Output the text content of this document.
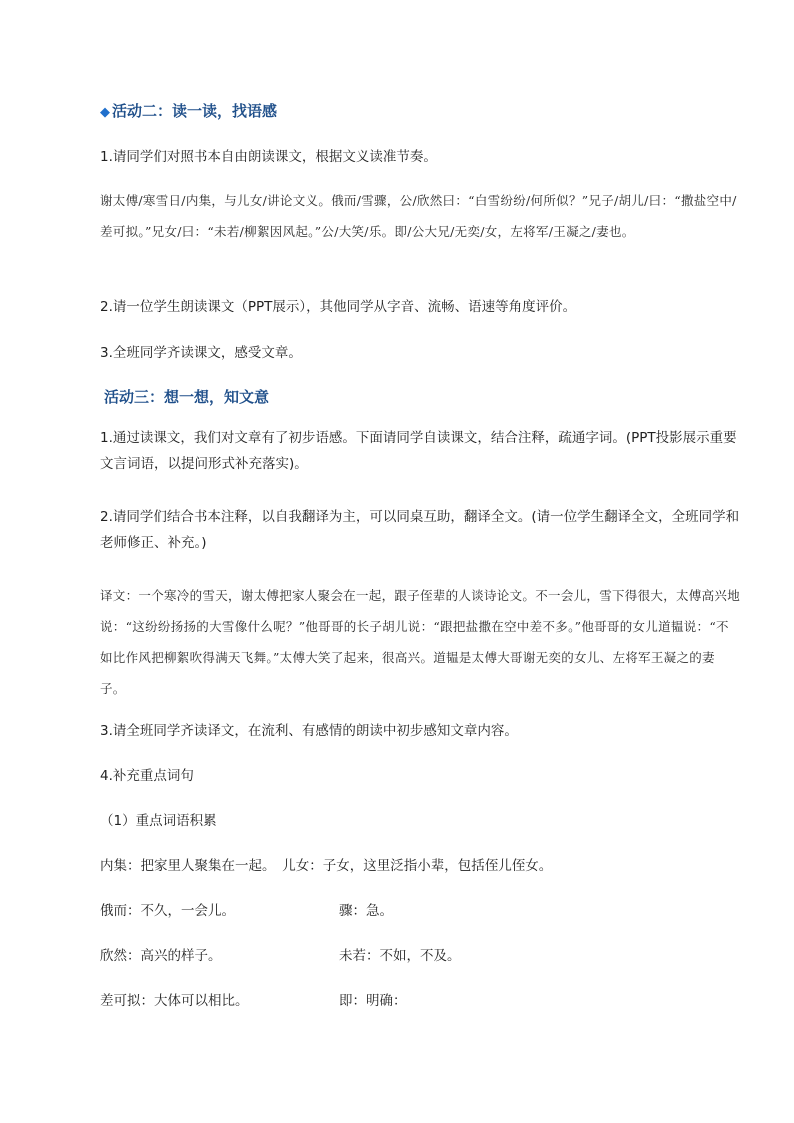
◆ 活动二：读一读，找语感

1.请同学们对照书本自由朗读课文，根据文义读准节奏。

谢太傅/寒雪日/内集，与儿女/讲论文义。俄而/雪骤，公/欣然曰：“白雪纷纷/何所似？”兄子/胡儿/曰：“撒盐空中/差可拟。”兄女/曰：“未若/柳絮因风起。”公/大笑/乐。即/公大兄/无奕/女，左将军/王凝之/妻也。

2.请一位学生朗读课文（PPT展示），其他同学从字音、流畅、语速等角度评价。

3.全班同学齐读课文，感受文章。

活动三：想一想，知文意

1.通过读课文，我们对文章有了初步语感。下面请同学自读课文，结合注释，疏通字词。(PPT投影展示重要文言词语，以提问形式补充落实)。

2.请同学们结合书本注释，以自我翻译为主，可以同桌互助，翻译全文。(请一位学生翻译全文，全班同学和老师修正、补充。)

译文：一个寒冷的雪天，谢太傅把家人聚会在一起，跟子侄辈的人谈诗论文。不一会儿，雪下得很大，太傅高兴地说：“这纷纷扬扬的大雪像什么呢？”他哥哥的长子胡儿说：“跟把盐撒在空中差不多。”他哥哥的女儿道韫说：“不如比作风把柳絮吹得满天飞舞。”太傅大笑了起来，很高兴。道韫是太傅大哥谢无奕的女儿、左将军王凝之的妻子。

3.请全班同学齐读译文，在流利、有感情的朗读中初步感知文章内容。

4.补充重点词句

（1）重点词语积累

内集：把家里人聚集在一起。　儿女：子女，这里泛指小辈，包括侄儿侄女。
俄而：不久，一会儿。	骤：急。
欣然：高兴的样子。	未若：不如，不及。
差可拟：大体可以相比。	即：明确：
